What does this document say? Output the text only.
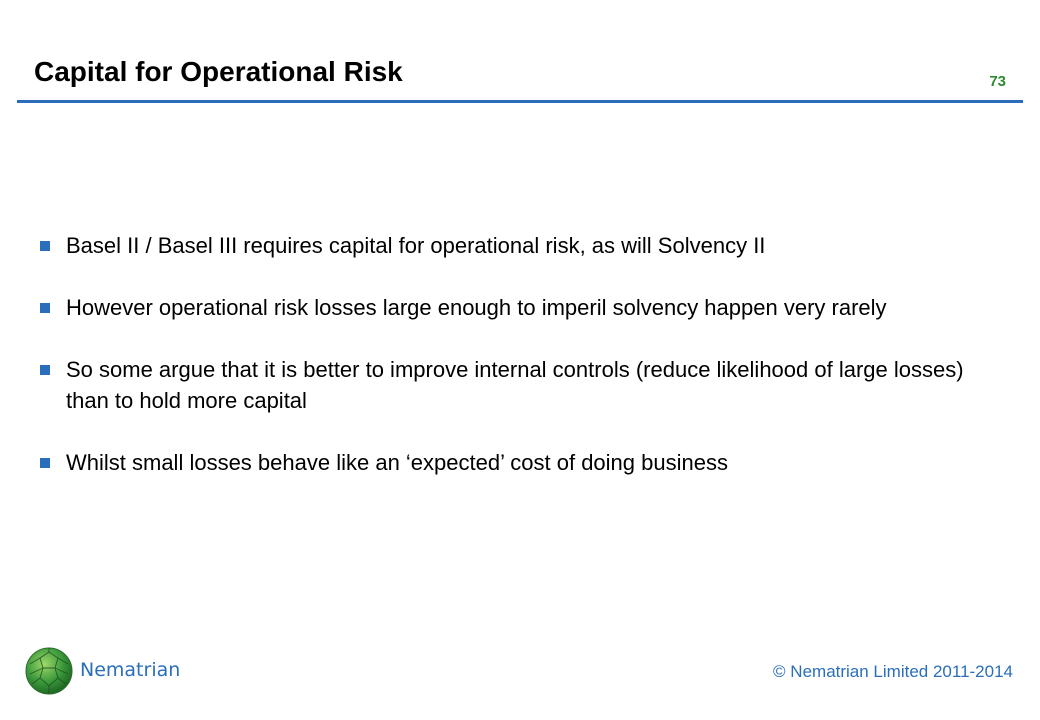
Capital for Operational Risk	73
Basel II / Basel III requires capital for operational risk, as will Solvency II
However operational risk losses large enough to imperil solvency happen very rarely
So some argue that it is better to improve internal controls (reduce likelihood of large losses) than to hold more capital
Whilst small losses behave like an ‘expected’ cost of doing business
Nematrian	© Nematrian Limited 2011-2014
